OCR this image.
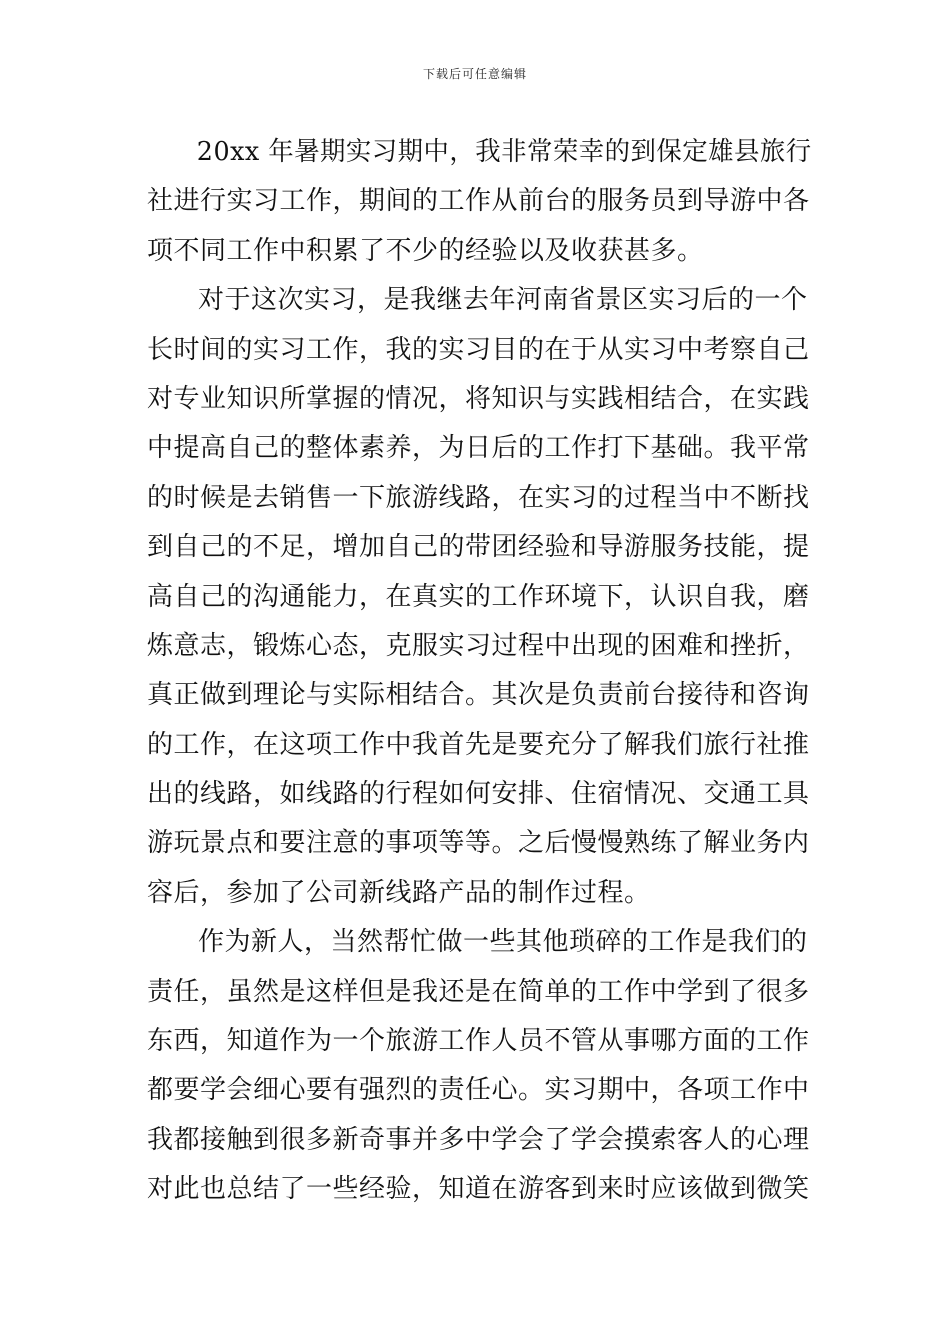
下载后可任意编辑
20xx 年暑期实习期中，我非常荣幸的到保定雄县旅行
社进行实习工作，期间的工作从前台的服务员到导游中各
项不同工作中积累了不少的经验以及收获甚多。
对于这次实习，是我继去年河南省景区实习后的一个
长时间的实习工作，我的实习目的在于从实习中考察自己
对专业知识所掌握的情况，将知识与实践相结合，在实践
中提高自己的整体素养，为日后的工作打下基础。我平常
的时候是去销售一下旅游线路，在实习的过程当中不断找
到自己的不足，增加自己的带团经验和导游服务技能，提
高自己的沟通能力，在真实的工作环境下，认识自我，磨
炼意志，锻炼心态，克服实习过程中出现的困难和挫折，
真正做到理论与实际相结合。其次是负责前台接待和咨询
的工作，在这项工作中我首先是要充分了解我们旅行社推
出的线路，如线路的行程如何安排、住宿情况、交通工具
游玩景点和要注意的事项等等。之后慢慢熟练了解业务内
容后，参加了公司新线路产品的制作过程。
作为新人，当然帮忙做一些其他琐碎的工作是我们的
责任，虽然是这样但是我还是在简单的工作中学到了很多
东西，知道作为一个旅游工作人员不管从事哪方面的工作
都要学会细心要有强烈的责任心。实习期中，各项工作中
我都接触到很多新奇事并多中学会了学会摸索客人的心理
对此也总结了一些经验，知道在游客到来时应该做到微笑
